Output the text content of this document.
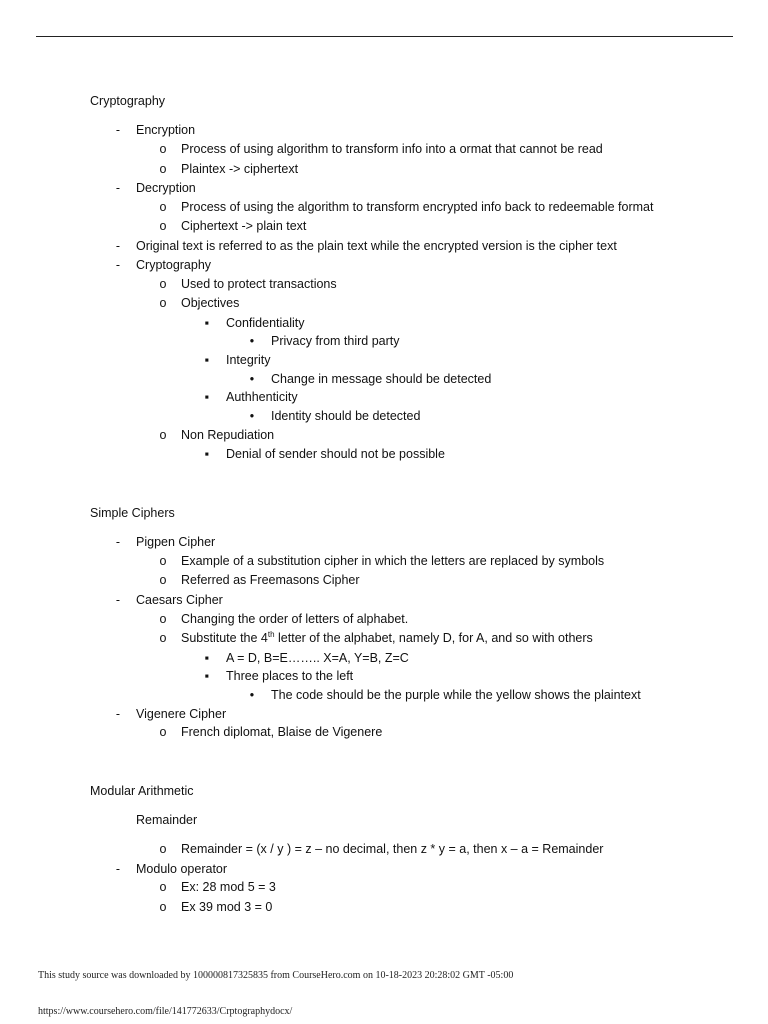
Cryptography
-	Encryption
o Process of using algorithm to transform info into a ormat that cannot be read
o Plaintex -> ciphertext
-	Decryption
o Process of using the algorithm to transform encrypted info back to redeemable format
o Ciphertext -> plain text
-	Original text is referred to as the plain text while the encrypted version is the cipher text
-	Cryptography
o Used to protect transactions
o Objectives
▪	Confidentiality
•	Privacy from third party
▪	Integrity
•	Change in message should be detected
▪	Authhenticity
•	Identity should be detected
o Non Repudiation
▪	Denial of sender should not be possible
Simple Ciphers
-	Pigpen Cipher
o Example of a substitution cipher in which the letters are replaced by symbols
o Referred as Freemasons Cipher
-	Caesars Cipher
o Changing the order of letters of alphabet.
o Substitute the 4th letter of the alphabet, namely D, for A, and so with others
▪	A = D, B=E…….. X=A, Y=B, Z=C
▪	Three places to the left
•	The code should be the purple while the yellow shows the plaintext
-	Vigenere Cipher
o French diplomat, Blaise de Vigenere
Modular Arithmetic
Remainder
o Remainder = (x / y ) = z – no decimal, then z * y = a, then x – a = Remainder
-	Modulo operator
o Ex: 28 mod 5 = 3
o Ex 39 mod 3 = 0
This study source was downloaded by 100000817325835 from CourseHero.com on 10-18-2023 20:28:02 GMT -05:00
https://www.coursehero.com/file/141772633/Crptographydocx/
